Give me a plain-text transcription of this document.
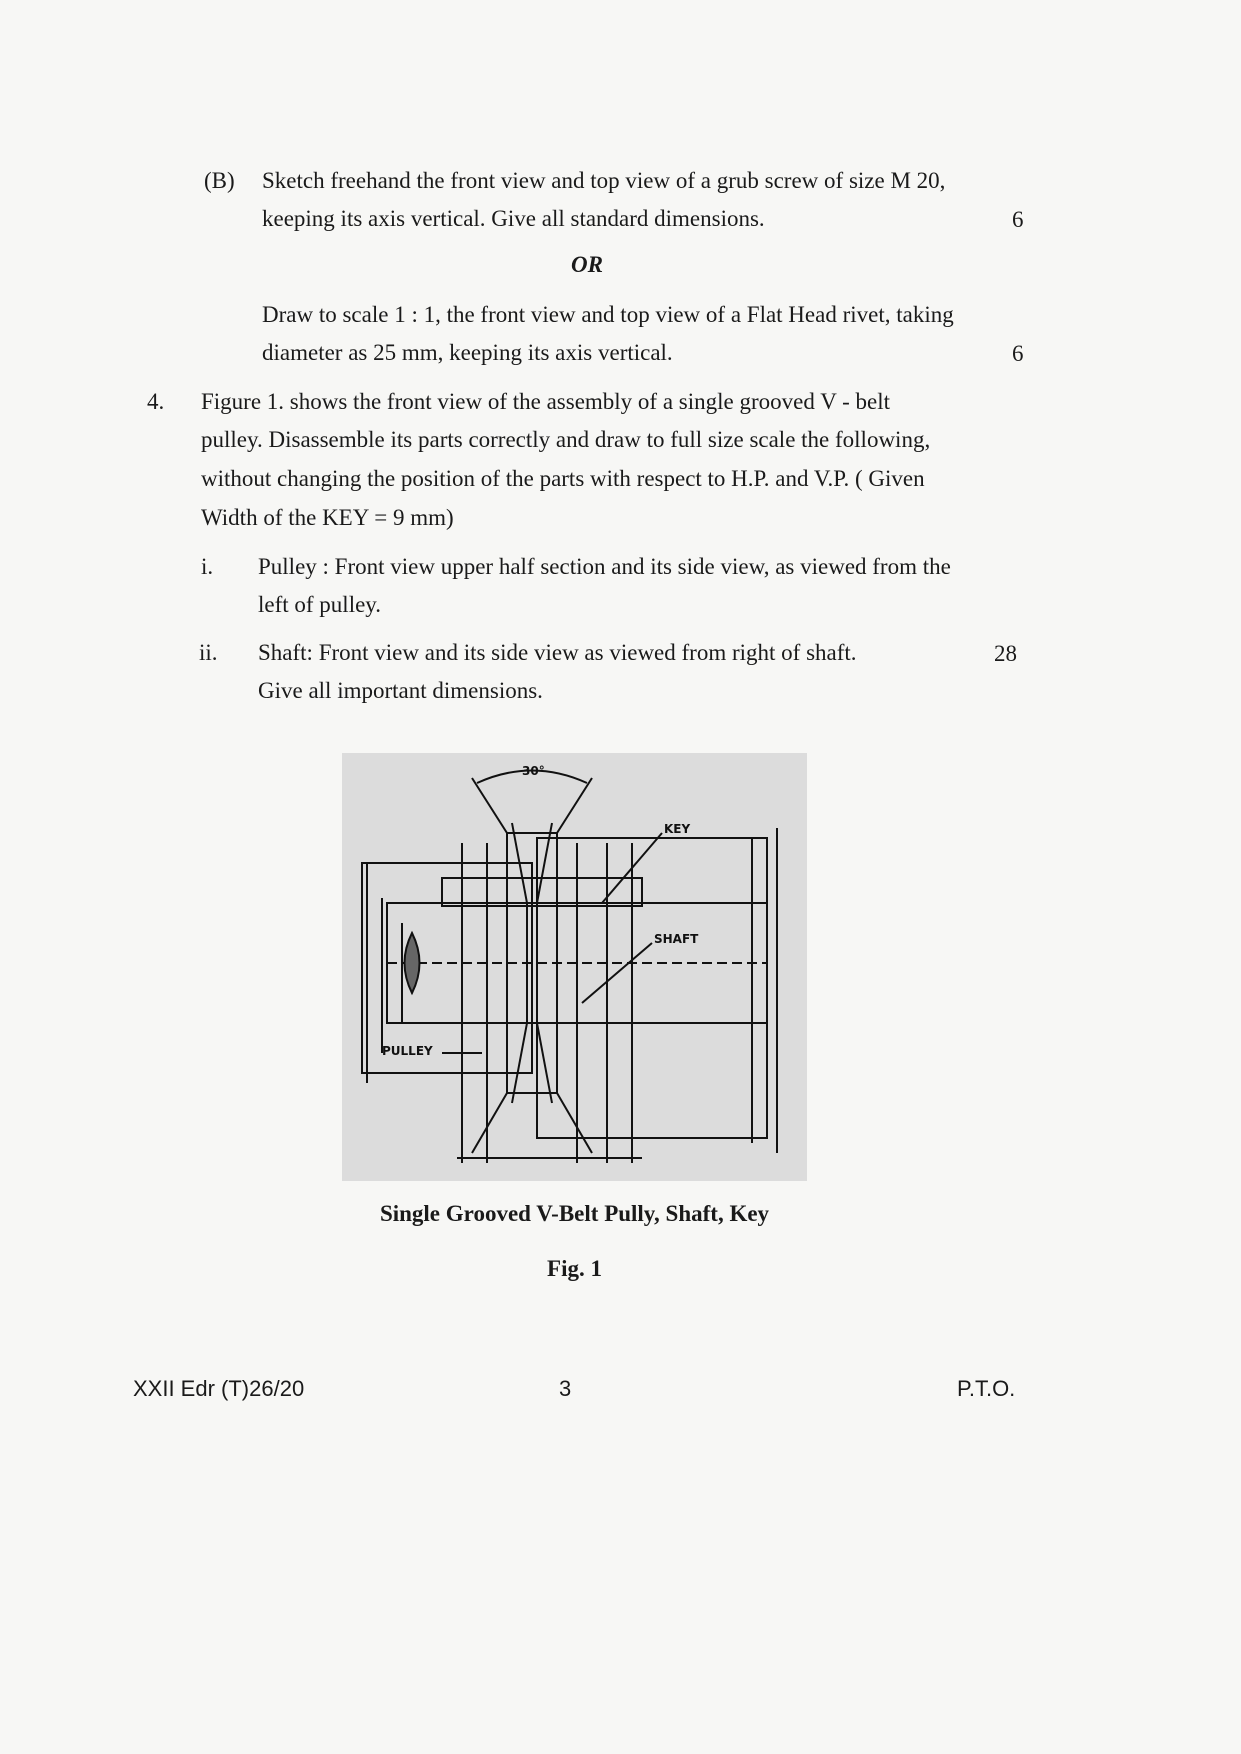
(B) Sketch freehand the front view and top view of a grub screw of size M 20,
keeping its axis vertical. Give all standard dimensions.	6
OR
Draw to scale 1 : 1, the front view and top view of a Flat Head rivet, taking
diameter as 25 mm, keeping its axis vertical.	6
4. Figure 1. shows the front view of the assembly of a single grooved V - belt
pulley. Disassemble its parts correctly and draw to full size scale the following,
without changing the position of the parts with respect to H.P. and V.P. ( Given
Width of the KEY = 9 mm)
i. Pulley : Front view upper half section and its side view, as viewed from the
left of pulley.
ii. Shaft: Front view and its side view as viewed from right of shaft.	28
Give all important dimensions.
30°
KEY
SHAFT
PULLEY
Single Grooved V-Belt Pully, Shaft, Key
Fig. 1
XXII Edr (T)26/20	3	P.T.O.
